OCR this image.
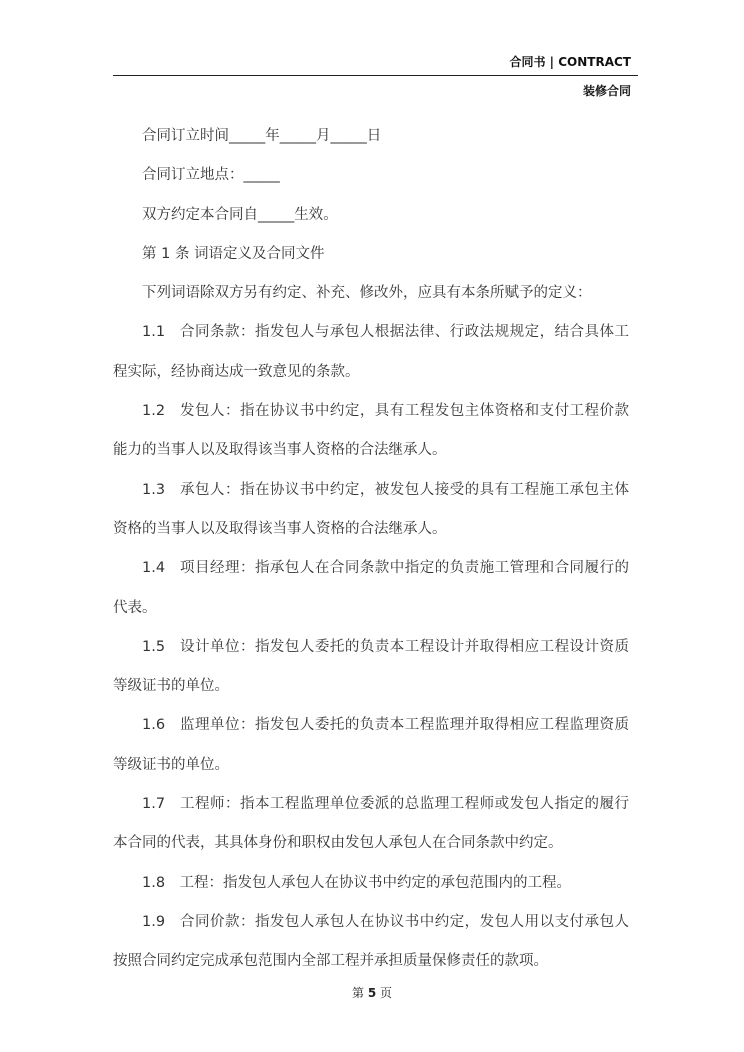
合同书 | CONTRACT
装修合同

合同订立时间_____年_____月_____日

合同订立地点：_____

双方约定本合同自_____生效。

第 1 条 词语定义及合同文件

下列词语除双方另有约定、补充、修改外，应具有本条所赋予的定义：

1.1 合同条款：指发包人与承包人根据法律、行政法规规定，结合具体工程实际，经协商达成一致意见的条款。

1.2 发包人：指在协议书中约定，具有工程发包主体资格和支付工程价款能力的当事人以及取得该当事人资格的合法继承人。

1.3 承包人：指在协议书中约定，被发包人接受的具有工程施工承包主体资格的当事人以及取得该当事人资格的合法继承人。

1.4 项目经理：指承包人在合同条款中指定的负责施工管理和合同履行的代表。

1.5 设计单位：指发包人委托的负责本工程设计并取得相应工程设计资质等级证书的单位。

1.6 监理单位：指发包人委托的负责本工程监理并取得相应工程监理资质等级证书的单位。

1.7 工程师：指本工程监理单位委派的总监理工程师或发包人指定的履行本合同的代表，其具体身份和职权由发包人承包人在合同条款中约定。

1.8 工程：指发包人承包人在协议书中约定的承包范围内的工程。

1.9 合同价款：指发包人承包人在协议书中约定，发包人用以支付承包人按照合同约定完成承包范围内全部工程并承担质量保修责任的款项。

第 5 页
